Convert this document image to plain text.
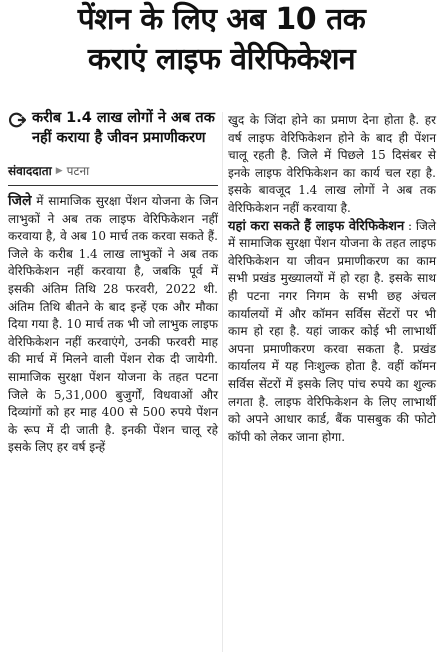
पेंशन के लिए अब 10 तक
कराएं लाइफ वेरिफिकेशन
करीब 1.4 लाख लोगों ने अब तक नहीं कराया है जीवन प्रमाणीकरण
संवाददाता ▶ पटना

जिले में सामाजिक सुरक्षा पेंशन योजना के जिन लाभुकों ने अब तक लाइफ वेरिफिकेशन नहीं करवाया है, वे अब 10 मार्च तक करवा सकते हैं. जिले के करीब 1.4 लाख लाभुकों ने अब तक वेरिफिकेशन नहीं करवाया है, जबकि पूर्व में इसकी अंतिम तिथि 28 फरवरी, 2022 थी. अंतिम तिथि बीतने के बाद इन्हें एक और मौका दिया गया है. 10 मार्च तक भी जो लाभुक लाइफ वेरिफिकेशन नहीं करवाएंगे, उनकी फरवरी माह की मार्च में मिलने वाली पेंशन रोक दी जायेगी. सामाजिक सुरक्षा पेंशन योजना के तहत पटना जिले के 5,31,000 बुजुर्गों, विधवाओं और दिव्यांगों को हर माह 400 से 500 रुपये पेंशन के रूप में दी जाती है. इनकी पेंशन चालू रहे इसके लिए हर वर्ष इन्हें

खुद के जिंदा होने का प्रमाण देना होता है. हर वर्ष लाइफ वेरिफिकेशन होने के बाद ही पेंशन चालू रहती है. जिले में पिछले 15 दिसंबर से इनके लाइफ वेरिफिकेशन का कार्य चल रहा है. इसके बावजूद 1.4 लाख लोगों ने अब तक वेरिफिकेशन नहीं करवाया है.

यहां करा सकते हैं लाइफ वेरिफिकेशन : जिले में सामाजिक सुरक्षा पेंशन योजना के तहत लाइफ वेरिफिकेशन या जीवन प्रमाणीकरण का काम सभी प्रखंड मुख्यालयों में हो रहा है. इसके साथ ही पटना नगर निगम के सभी छह अंचल कार्यालयों में और कॉमन सर्विस सेंटरों पर भी काम हो रहा है. यहां जाकर कोई भी लाभार्थी अपना प्रमाणीकरण करवा सकता है. प्रखंड कार्यालय में यह निःशुल्क होता है. वहीं कॉमन सर्विस सेंटरों में इसके लिए पांच रुपये का शुल्क लगता है. लाइफ वेरिफिकेशन के लिए लाभार्थी को अपने आधार कार्ड, बैंक पासबुक की फोटो कॉपी को लेकर जाना होगा.
